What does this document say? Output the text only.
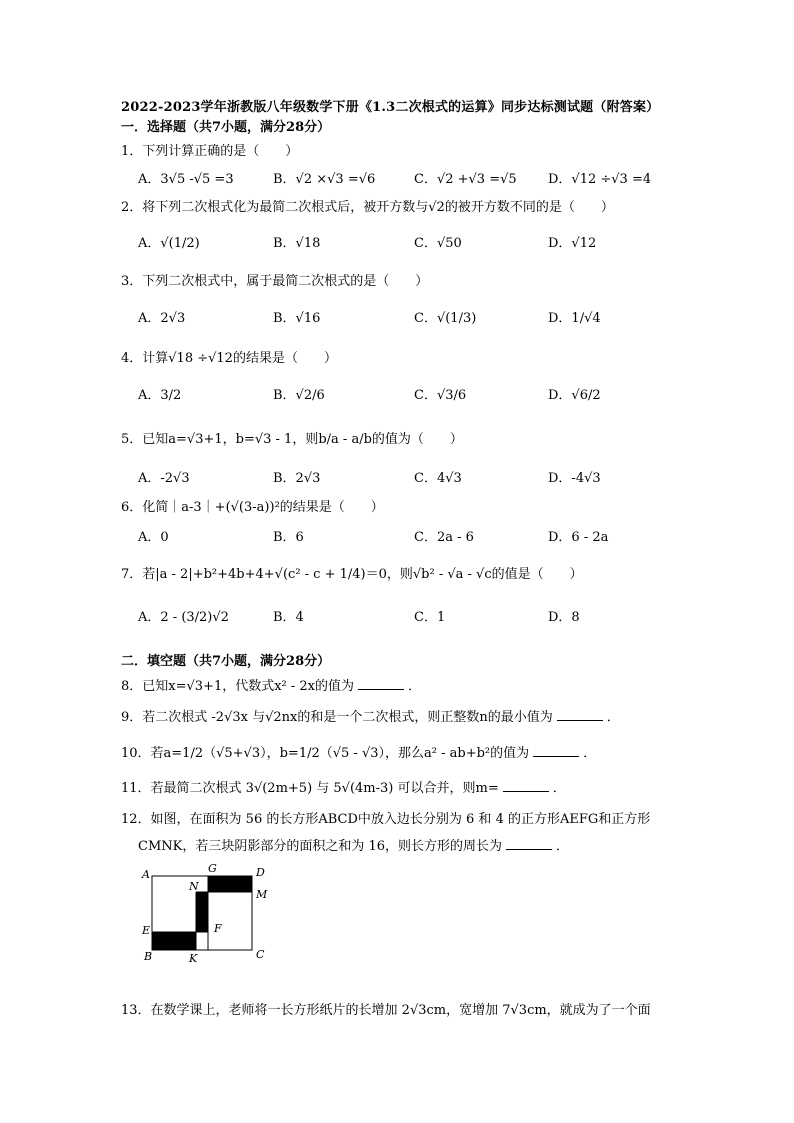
2022-2023学年浙教版八年级数学下册《1.3二次根式的运算》同步达标测试题（附答案）
一．选择题（共7小题，满分28分）
1．下列计算正确的是（　　）
A．3√5 -√5 =3	B．√2 ×√3 =√6	C．√2 +√3 =√5 D．√12 ÷√3 =4
2．将下列二次根式化为最简二次根式后，被开方数与√2的被开方数不同的是（　　）
A．√(1/2)	B．√18	C．√50	D．√12
3．下列二次根式中，属于最简二次根式的是（　　）
A．2√3	B．√16	C．√(1/3)	D．1/√4
4．计算√18 ÷√12的结果是（　　）
A．3/2	B．√2/6	C．√3/6	D．√6/2
5．已知a=√3+1，b=√3 - 1，则b/a - a/b的值为（　　）
A．-2√3	B．2√3	C．4√3	D．-4√3
6．化简｜a-3｜+(√(3-a))²的结果是（　　）
A．0	B．6	C．2a - 6	D．6 - 2a
7．若|a - 2|+b²+4b+4+√(c² - c + 1/4)＝0，则√b² - √a - √c的值是（　　）
A．2 - (3/2)√2	B．4	C．1	D．8
二．填空题（共7小题，满分28分）
8．已知x=√3+1，代数式x² - 2x的值为	．
9．若二次根式 -2√3x 与√2nx的和是一个二次根式，则正整数n的最小值为	．
10．若a=1/2（√5+√3），b=1/2（√5 - √3），那么a² - ab+b²的值为	．
11．若最简二次根式 3√(2m+5) 与 5√(4m-3) 可以合并，则m=	．
12．如图，在面积为 56 的长方形ABCD中放入边长分别为 6 和 4 的正方形AEFG和正方形
CMNK，若三块阴影部分的面积之和为 16，则长方形的周长为	．
A	G	D
N
M
E	F
B	K	C
13．在数学课上，老师将一长方形纸片的长增加 2√3cm，宽增加 7√3cm，就成为了一个面
